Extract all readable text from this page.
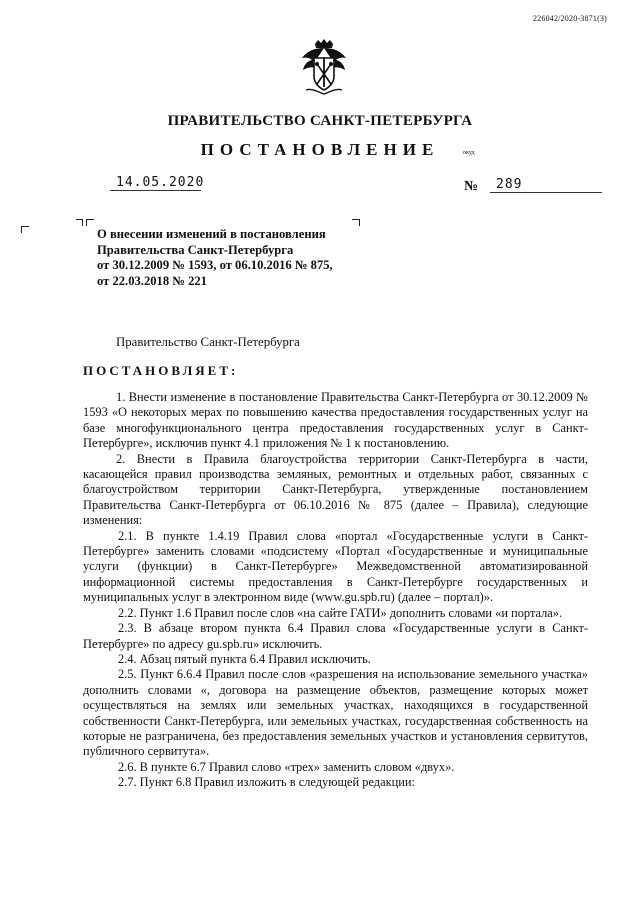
226042/2020-3871(3)
ПРАВИТЕЛЬСТВО САНКТ-ПЕТЕРБУРГА
ПОСТАНОВЛЕНИЕ	окуд
14.05.2020	№	289
О внесении изменений в постановления
Правительства Санкт-Петербурга
от 30.12.2009 № 1593, от 06.10.2016 № 875,
от 22.03.2018 № 221
Правительство Санкт-Петербурга
ПОСТАНОВЛЯЕТ:

1. Внести изменение в постановление Правительства Санкт-Петербурга от 30.12.2009 № 1593 «О некоторых мерах по повышению качества предоставления государственных услуг на базе многофункционального центра предоставления государственных услуг в Санкт-Петербурге», исключив пункт 4.1 приложения № 1 к постановлению.

2. Внести в Правила благоустройства территории Санкт-Петербурга в части, касающейся правил производства земляных, ремонтных и отдельных работ, связанных с благоустройством территории Санкт-Петербурга, утвержденные постановлением Правительства Санкт-Петербурга от 06.10.2016 № 875 (далее – Правила), следующие изменения:

2.1. В пункте 1.4.19 Правил слова «портал «Государственные услуги в Санкт-Петербурге» заменить словами «подсистему «Портал «Государственные и муниципальные услуги (функции) в Санкт-Петербурге» Межведомственной автоматизированной информационной системы предоставления в Санкт-Петербурге государственных и муниципальных услуг в электронном виде (www.gu.spb.ru) (далее – портал)».

2.2. Пункт 1.6 Правил после слов «на сайте ГАТИ» дополнить словами «и портала».

2.3. В абзаце втором пункта 6.4 Правил слова «Государственные услуги в Санкт-Петербурге» по адресу gu.spb.ru» исключить.

2.4. Абзац пятый пункта 6.4 Правил исключить.

2.5. Пункт 6.6.4 Правил после слов «разрешения на использование земельного участка» дополнить словами «, договора на размещение объектов, размещение которых может осуществляться на землях или земельных участках, находящихся в государственной собственности Санкт-Петербурга, или земельных участках, государственная собственность на которые не разграничена, без предоставления земельных участков и установления сервитутов, публичного сервитута».

2.6. В пункте 6.7 Правил слово «трех» заменить словом «двух».

2.7. Пункт 6.8 Правил изложить в следующей редакции:
